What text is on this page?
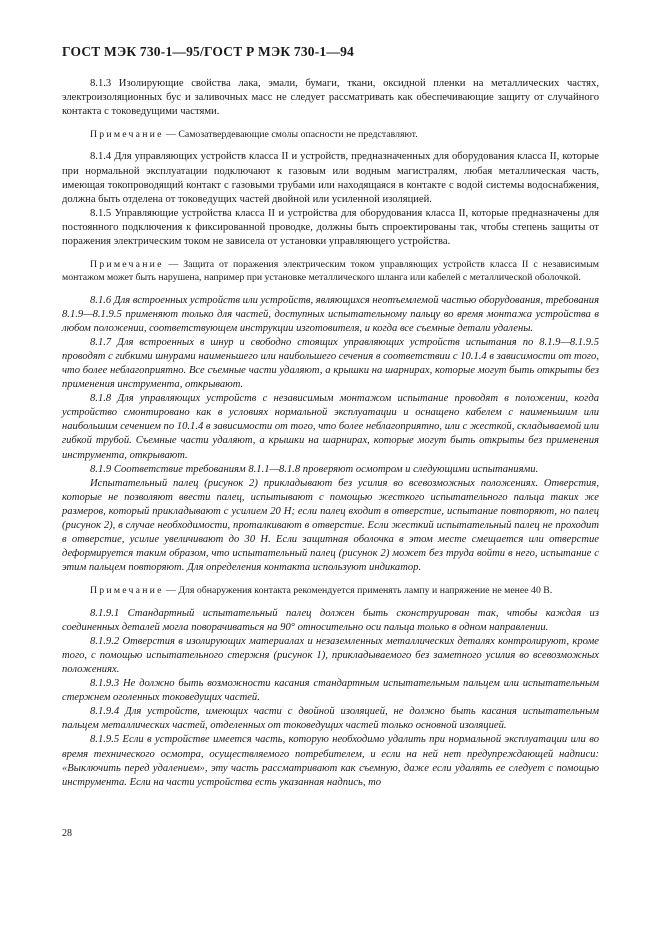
ГОСТ МЭК 730-1—95/ГОСТ Р МЭК 730-1—94

8.1.3 Изолирующие свойства лака, эмали, бумаги, ткани, оксидной пленки на металлических частях, электроизоляционных бус и заливочных масс не следует рассматривать как обеспечивающие защиту от случайного контакта с токоведущими частями.

Примечание — Самозатвердевающие смолы опасности не представляют.

8.1.4 Для управляющих устройств класса II и устройств, предназначенных для оборудования класса II, которые при нормальной эксплуатации подключают к газовым или водным магистралям, любая металлическая часть, имеющая токопроводящий контакт с газовыми трубами или находящаяся в контакте с водой системы водоснабжения, должна быть отделена от токоведущих частей двойной или усиленной изоляцией.

8.1.5 Управляющие устройства класса II и устройства для оборудования класса II, которые предназначены для постоянного подключения к фиксированной проводке, должны быть спроектированы так, чтобы степень защиты от поражения электрическим током не зависела от установки управляющего устройства.

Примечание — Защита от поражения электрическим током управляющих устройств класса II с независимым монтажом может быть нарушена, например при установке металлического шланга или кабелей с металлической оболочкой.

8.1.6 Для встроенных устройств или устройств, являющихся неотъемлемой частью оборудования, требования 8.1.9—8.1.9.5 применяют только для частей, доступных испытательному пальцу во время монтажа устройства в любом положении, соответствующем инструкции изготовителя, и когда все съемные детали удалены.

8.1.7 Для встроенных в шнур и свободно стоящих управляющих устройств испытания по 8.1.9—8.1.9.5 проводят с гибкими шнурами наименьшего или наибольшего сечения в соответствии с 10.1.4 в зависимости от того, что более неблагоприятно. Все съемные части удаляют, а крышки на шарнирах, которые могут быть открыты без применения инструмента, открывают.

8.1.8 Для управляющих устройств с независимым монтажом испытание проводят в положении, когда устройство смонтировано как в условиях нормальной эксплуатации и оснащено кабелем с наименьшим или наибольшим сечением по 10.1.4 в зависимости от того, что более неблагоприятно, или с жесткой, складываемой или гибкой трубой. Съемные части удаляют, а крышки на шарнирах, которые могут быть открыты без применения инструмента, открывают.

8.1.9 Соответствие требованиям 8.1.1—8.1.8 проверяют осмотром и следующими испытаниями.

Испытательный палец (рисунок 2) прикладывают без усилия во всевозможных положениях. Отверстия, которые не позволяют ввести палец, испытывают с помощью жесткого испытательного пальца таких же размеров, который прикладывают с усилием 20 Н; если палец входит в отверстие, испытание повторяют, но палец (рисунок 2), в случае необходимости, проталкивают в отверстие. Если жесткий испытательный палец не проходит в отверстие, усилие увеличивают до 30 Н. Если защитная оболочка в этом месте смещается или отверстие деформируется таким образом, что испытательный палец (рисунок 2) может без труда войти в него, испытание с этим пальцем повторяют. Для определения контакта используют индикатор.

Примечание — Для обнаружения контакта рекомендуется применять лампу и напряжение не менее 40 В.

8.1.9.1 Стандартный испытательный палец должен быть сконструирован так, чтобы каждая из соединенных деталей могла поворачиваться на 90° относительно оси пальца только в одном направлении.

8.1.9.2 Отверстия в изолирующих материалах и незаземленных металлических деталях контролируют, кроме того, с помощью испытательного стержня (рисунок 1), прикладываемого без заметного усилия во всевозможных положениях.

8.1.9.3 Не должно быть возможности касания стандартным испытательным пальцем или испытательным стержнем оголенных токоведущих частей.

8.1.9.4 Для устройств, имеющих части с двойной изоляцией, не должно быть касания испытательным пальцем металлических частей, отделенных от токоведущих частей только основной изоляцией.

8.1.9.5 Если в устройстве имеется часть, которую необходимо удалить при нормальной эксплуатации или во время технического осмотра, осуществляемого потребителем, и если на ней нет предупреждающей надписи: «Выключить перед удалением», эту часть рассматривают как съемную, даже если удалять ее следует с помощью инструмента. Если на части устройства есть указанная надпись, то

28
